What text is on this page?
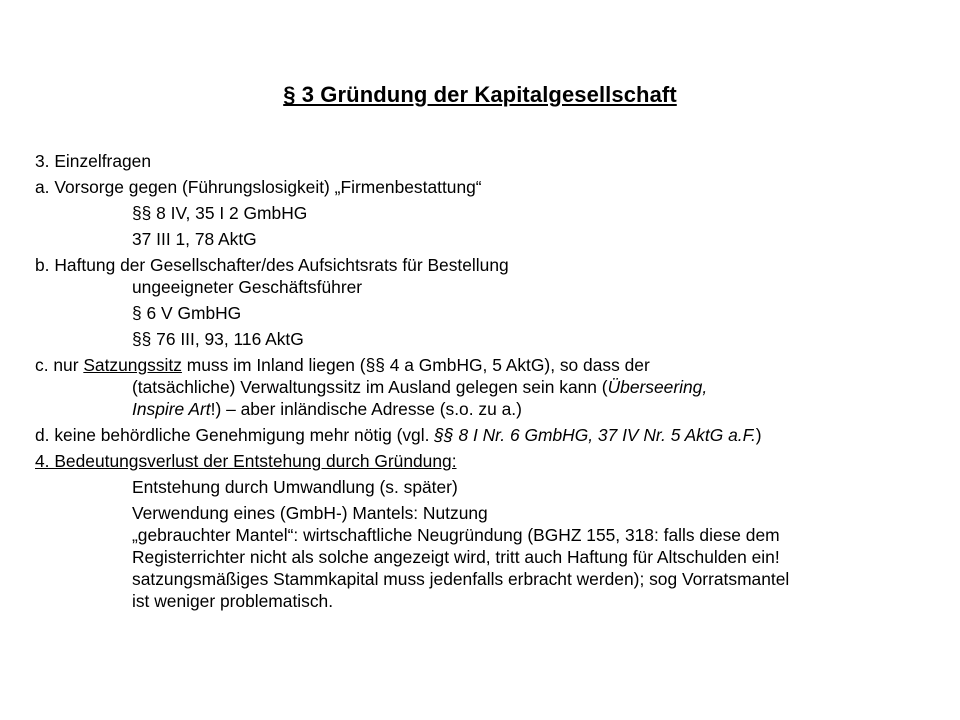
§ 3 Gründung der Kapitalgesellschaft

3. Einzelfragen

a. Vorsorge gegen (Führungslosigkeit) „Firmenbestattung“

§§ 8 IV, 35 I 2 GmbHG

37 III 1, 78 AktG

b. Haftung der Gesellschafter/des Aufsichtsrats für Bestellung

ungeeigneter Geschäftsführer

§ 6 V GmbHG

§§ 76 III, 93, 116 AktG

c. nur Satzungssitz muss im Inland liegen (§§ 4 a GmbHG, 5 AktG), so dass der

(tatsächliche) Verwaltungssitz im Ausland gelegen sein kann (Überseering,

Inspire Art!) – aber inländische Adresse (s.o. zu a.)

d. keine behördliche Genehmigung mehr nötig (vgl. §§ 8 I Nr. 6 GmbHG, 37 IV Nr. 5 AktG a.F.)

4. Bedeutungsverlust der Entstehung durch Gründung:

Entstehung durch Umwandlung (s. später)

Verwendung eines (GmbH-) Mantels: Nutzung

„gebrauchter Mantel“: wirtschaftliche Neugründung (BGHZ 155, 318: falls diese dem

Registerrichter nicht als solche angezeigt wird, tritt auch Haftung für Altschulden ein!

satzungsmäßiges Stammkapital muss jedenfalls erbracht werden); sog Vorratsmantel

ist weniger problematisch.
